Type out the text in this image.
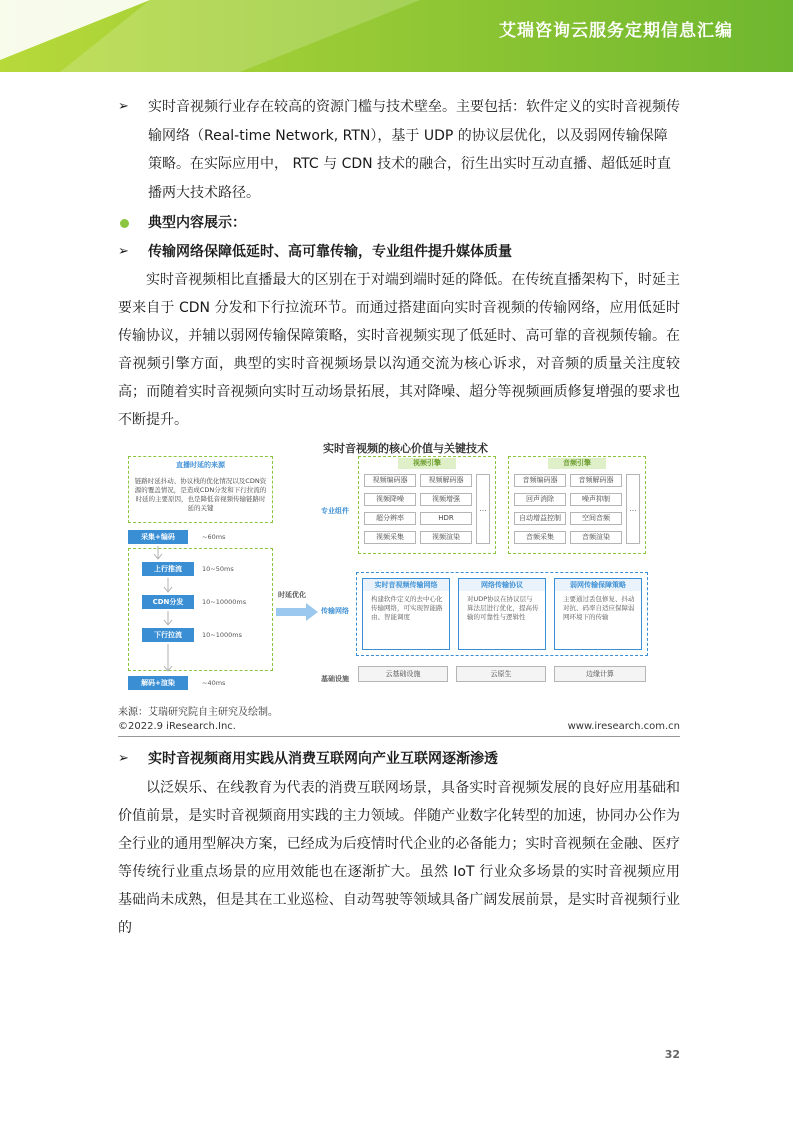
艾瑞咨询云服务定期信息汇编
➢ 实时音视频行业存在较高的资源门槛与技术壁垒。主要包括：软件定义的实时音视频传输网络（Real-time Network, RTN），基于 UDP 的协议层优化，以及弱网传输保障策略。在实际应用中， RTC 与 CDN 技术的融合，衍生出实时互动直播、超低延时直播两大技术路径。
典型内容展示：
➢ 传输网络保障低延时、高可靠传输，专业组件提升媒体质量

实时音视频相比直播最大的区别在于对端到端时延的降低。在传统直播架构下，时延主要来自于 CDN 分发和下行拉流环节。而通过搭建面向实时音视频的传输网络，应用低延时传输协议，并辅以弱网传输保障策略，实时音视频实现了低延时、高可靠的音视频传输。在音视频引擎方面，典型的实时音视频场景以沟通交流为核心诉求，对音频的质量关注度较高；而随着实时音视频向实时互动场景拓展，其对降噪、超分等视频画质修复增强的要求也不断提升。

实时音视频的核心价值与关键技术
直播时延的来源
链路时延抖动、协议栈的优化情况以及CDN资源的覆盖情况，是造成CDN分发和下行拉流的时延的主要原因，也是降低音视频传输链路时延的关键
采集+编码	~60ms
上行推流	10~50ms
CDN分发	10~10000ms
下行拉流	10~1000ms
解码+渲染	~40ms
时延优化
专业组件
传输网络
基础设施
视频引擎
视频编码器	视频解码器
视频降噪	视频增强
超分辨率	HDR
视频采集	视频渲染
…
音频引擎
音频编码器	音频解码器
回声消除	噪声抑制
自动增益控制	空间音频
音频采集	音频渲染
…
实时音视频传输网络
构建软件定义的去中心化传输网络，可实现智能路由、智能调度
网络传输协议
对UDP协议在协议层与算法层进行优化，提高传输的可靠性与逻辑性
弱网传输保障策略
主要通过丢包修复、抖动对抗、码率自适应保障弱网环境下的传输
云基础设施	云原生	边缘计算
来源：艾瑞研究院自主研究及绘制。
©2022.9 iResearch.Inc.	www.iresearch.com.cn
➢ 实时音视频商用实践从消费互联网向产业互联网逐渐渗透

以泛娱乐、在线教育为代表的消费互联网场景，具备实时音视频发展的良好应用基础和价值前景，是实时音视频商用实践的主力领域。伴随产业数字化转型的加速，协同办公作为全行业的通用型解决方案，已经成为后疫情时代企业的必备能力；实时音视频在金融、医疗等传统行业重点场景的应用效能也在逐渐扩大。虽然 IoT 行业众多场景的实时音视频应用基础尚未成熟，但是其在工业巡检、自动驾驶等领域具备广阔发展前景，是实时音视频行业的

32
